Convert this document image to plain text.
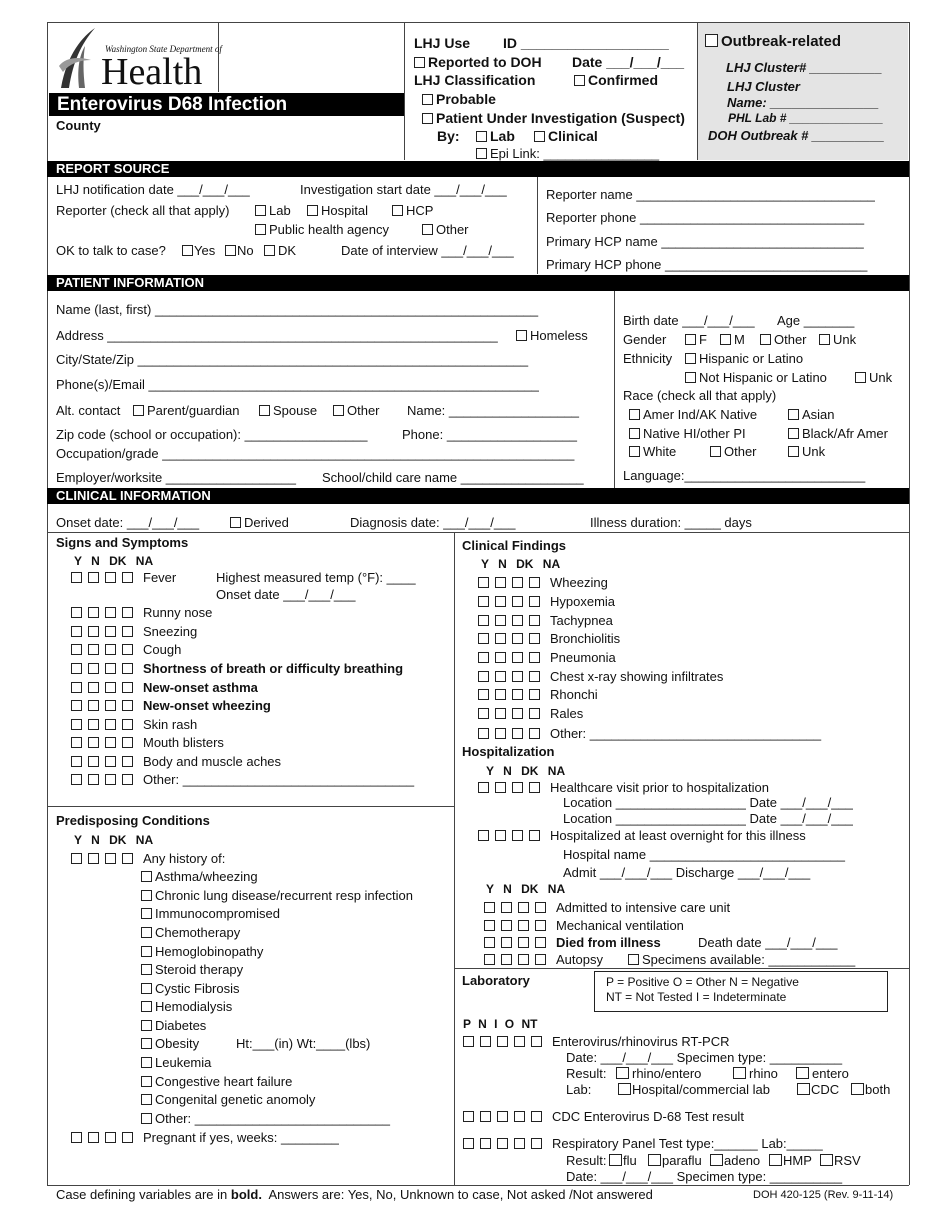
Washington State Department of
Health
Enterovirus D68 Infection
County
LHJ Use ID ___________________
Reported to DOH Date ___/___/___
LHJ Classification	Confirmed
Probable
Patient Under Investigation (Suspect)
By:	Lab	Clinical
Epi Link: ________________
Outbreak-related
LHJ Cluster# __________
LHJ Cluster
Name: _______________
PHL Lab # ______________
DOH Outbreak # __________
REPORT SOURCE
LHJ notification date ___/___/___	Investigation start date ___/___/___
Reporter (check all that apply)	Lab	Hospital	HCP
Public health agency	Other
OK to talk to case?	Yes	No	DK	Date of interview ___/___/___
Reporter name _________________________________
Reporter phone _______________________________
Primary HCP name ____________________________
Primary HCP phone ____________________________
PATIENT INFORMATION
Name (last, first) _____________________________________________________
Address ______________________________________________________	Homeless
City/State/Zip ______________________________________________________
Phone(s)/Email ______________________________________________________
Alt. contact	Parent/guardian	Spouse	Other Name: __________________
Zip code (school or occupation): _________________	Phone: __________________
Occupation/grade _________________________________________________________
Employer/worksite __________________ School/child care name _________________
Birth date ___/___/___ Age _______
Gender	F	M	Other	Unk
Ethnicity	Hispanic or Latino
Not Hispanic or Latino	Unk
Race (check all that apply)
Amer Ind/AK Native	Asian
Native HI/other PI	Black/Afr Amer
White	Other	Unk
Language:_________________________
CLINICAL INFORMATION
Onset date: ___/___/___	Derived	Diagnosis date: ___/___/___	Illness duration: _____ days
Signs and Symptoms
Y N DK NA
Fever	Highest measured temp (°F): ____
Onset date ___/___/___
Runny nose
Sneezing
Cough
Shortness of breath or difficulty breathing
New-onset asthma
New-onset wheezing
Skin rash
Mouth blisters
Body and muscle aches
Other: ________________________________
Predisposing Conditions
Y N DK NA
Any history of:
Asthma/wheezing
Chronic lung disease/recurrent resp infection
Immunocompromised
Chemotherapy
Hemoglobinopathy
Steroid therapy
Cystic Fibrosis
Hemodialysis
Diabetes
Obesity	Ht:___(in) Wt:____(lbs)
Leukemia
Congestive heart failure
Congenital genetic anomoly
Other: ___________________________
Pregnant if yes, weeks: ________
Clinical Findings
Y N DK NA
Wheezing
Hypoxemia
Tachypnea
Bronchiolitis
Pneumonia
Chest x-ray showing infiltrates
Rhonchi
Rales
Other: ________________________________
Hospitalization
Y N DK NA
Healthcare visit prior to hospitalization
Location __________________ Date ___/___/___
Location __________________ Date ___/___/___
Hospitalized at least overnight for this illness
Hospital name ___________________________
Admit ___/___/___ Discharge ___/___/___
Y N DK NA
Admitted to intensive care unit
Mechanical ventilation
Died from illness	Death date ___/___/___
Autopsy	Specimens available: ____________
Laboratory	P = Positive O = Other N = Negative
NT = Not Tested I = Indeterminate
P N I O NT
Enterovirus/rhinovirus RT-PCR
Date: ___/___/___ Specimen type: __________
Result:	rhino/entero	rhino	entero
Lab:	Hospital/commercial lab	CDC	both
CDC Enterovirus D-68 Test result
Respiratory Panel Test type:______ Lab:_____
Result:	flu	paraflu	adeno	HMP	RSV
Date: ___/___/___ Specimen type: __________
Case defining variables are in bold. Answers are: Yes, No, Unknown to case, Not asked /Not answered	DOH 420-125 (Rev. 9-11-14)
